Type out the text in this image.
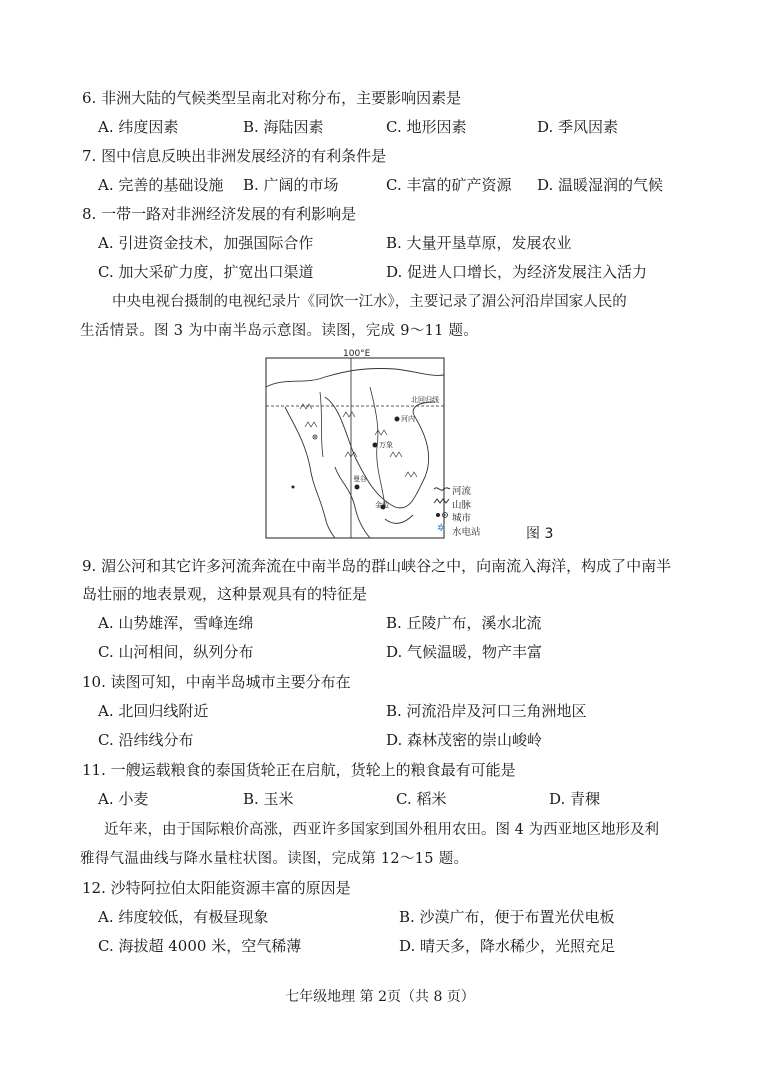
6. 非洲大陆的气候类型呈南北对称分布，主要影响因素是
A. 纬度因素	B. 海陆因素	C. 地形因素	D. 季风因素
7. 图中信息反映出非洲发展经济的有利条件是
A. 完善的基础设施 B. 广阔的市场	C. 丰富的矿产资源 D. 温暖湿润的气候
8. 一带一路对非洲经济发展的有利影响是
A. 引进资金技术，加强国际合作	B. 大量开垦草原，发展农业
C. 加大采矿力度，扩宽出口渠道	D. 促进人口增长，为经济发展注入活力
中央电视台摄制的电视纪录片《同饮一江水》，主要记录了湄公河沿岸国家人民的
生活情景。图 3 为中南半岛示意图。读图，完成 9～11 题。
100°E
北回归线
河内
万象
曼谷
金边
✲
河流
山脉
城市
水电站	图 3
9. 湄公河和其它许多河流奔流在中南半岛的群山峡谷之中，向南流入海洋，构成了中南半
岛壮丽的地表景观，这种景观具有的特征是
A. 山势雄浑，雪峰连绵	B. 丘陵广布，溪水北流
C. 山河相间，纵列分布	D. 气候温暖，物产丰富
10. 读图可知，中南半岛城市主要分布在
A. 北回归线附近	B. 河流沿岸及河口三角洲地区
C. 沿纬线分布	D. 森林茂密的崇山峻岭
11. 一艘运载粮食的泰国货轮正在启航，货轮上的粮食最有可能是
A. 小麦	B. 玉米	C. 稻米	D. 青稞
近年来，由于国际粮价高涨，西亚许多国家到国外租用农田。图 4 为西亚地区地形及利
雅得气温曲线与降水量柱状图。读图，完成第 12～15 题。
12. 沙特阿拉伯太阳能资源丰富的原因是
A. 纬度较低，有极昼现象	B. 沙漠广布，便于布置光伏电板
C. 海拔超 4000 米，空气稀薄	D. 晴天多，降水稀少，光照充足
七年级地理 第 2页（共 8 页）
